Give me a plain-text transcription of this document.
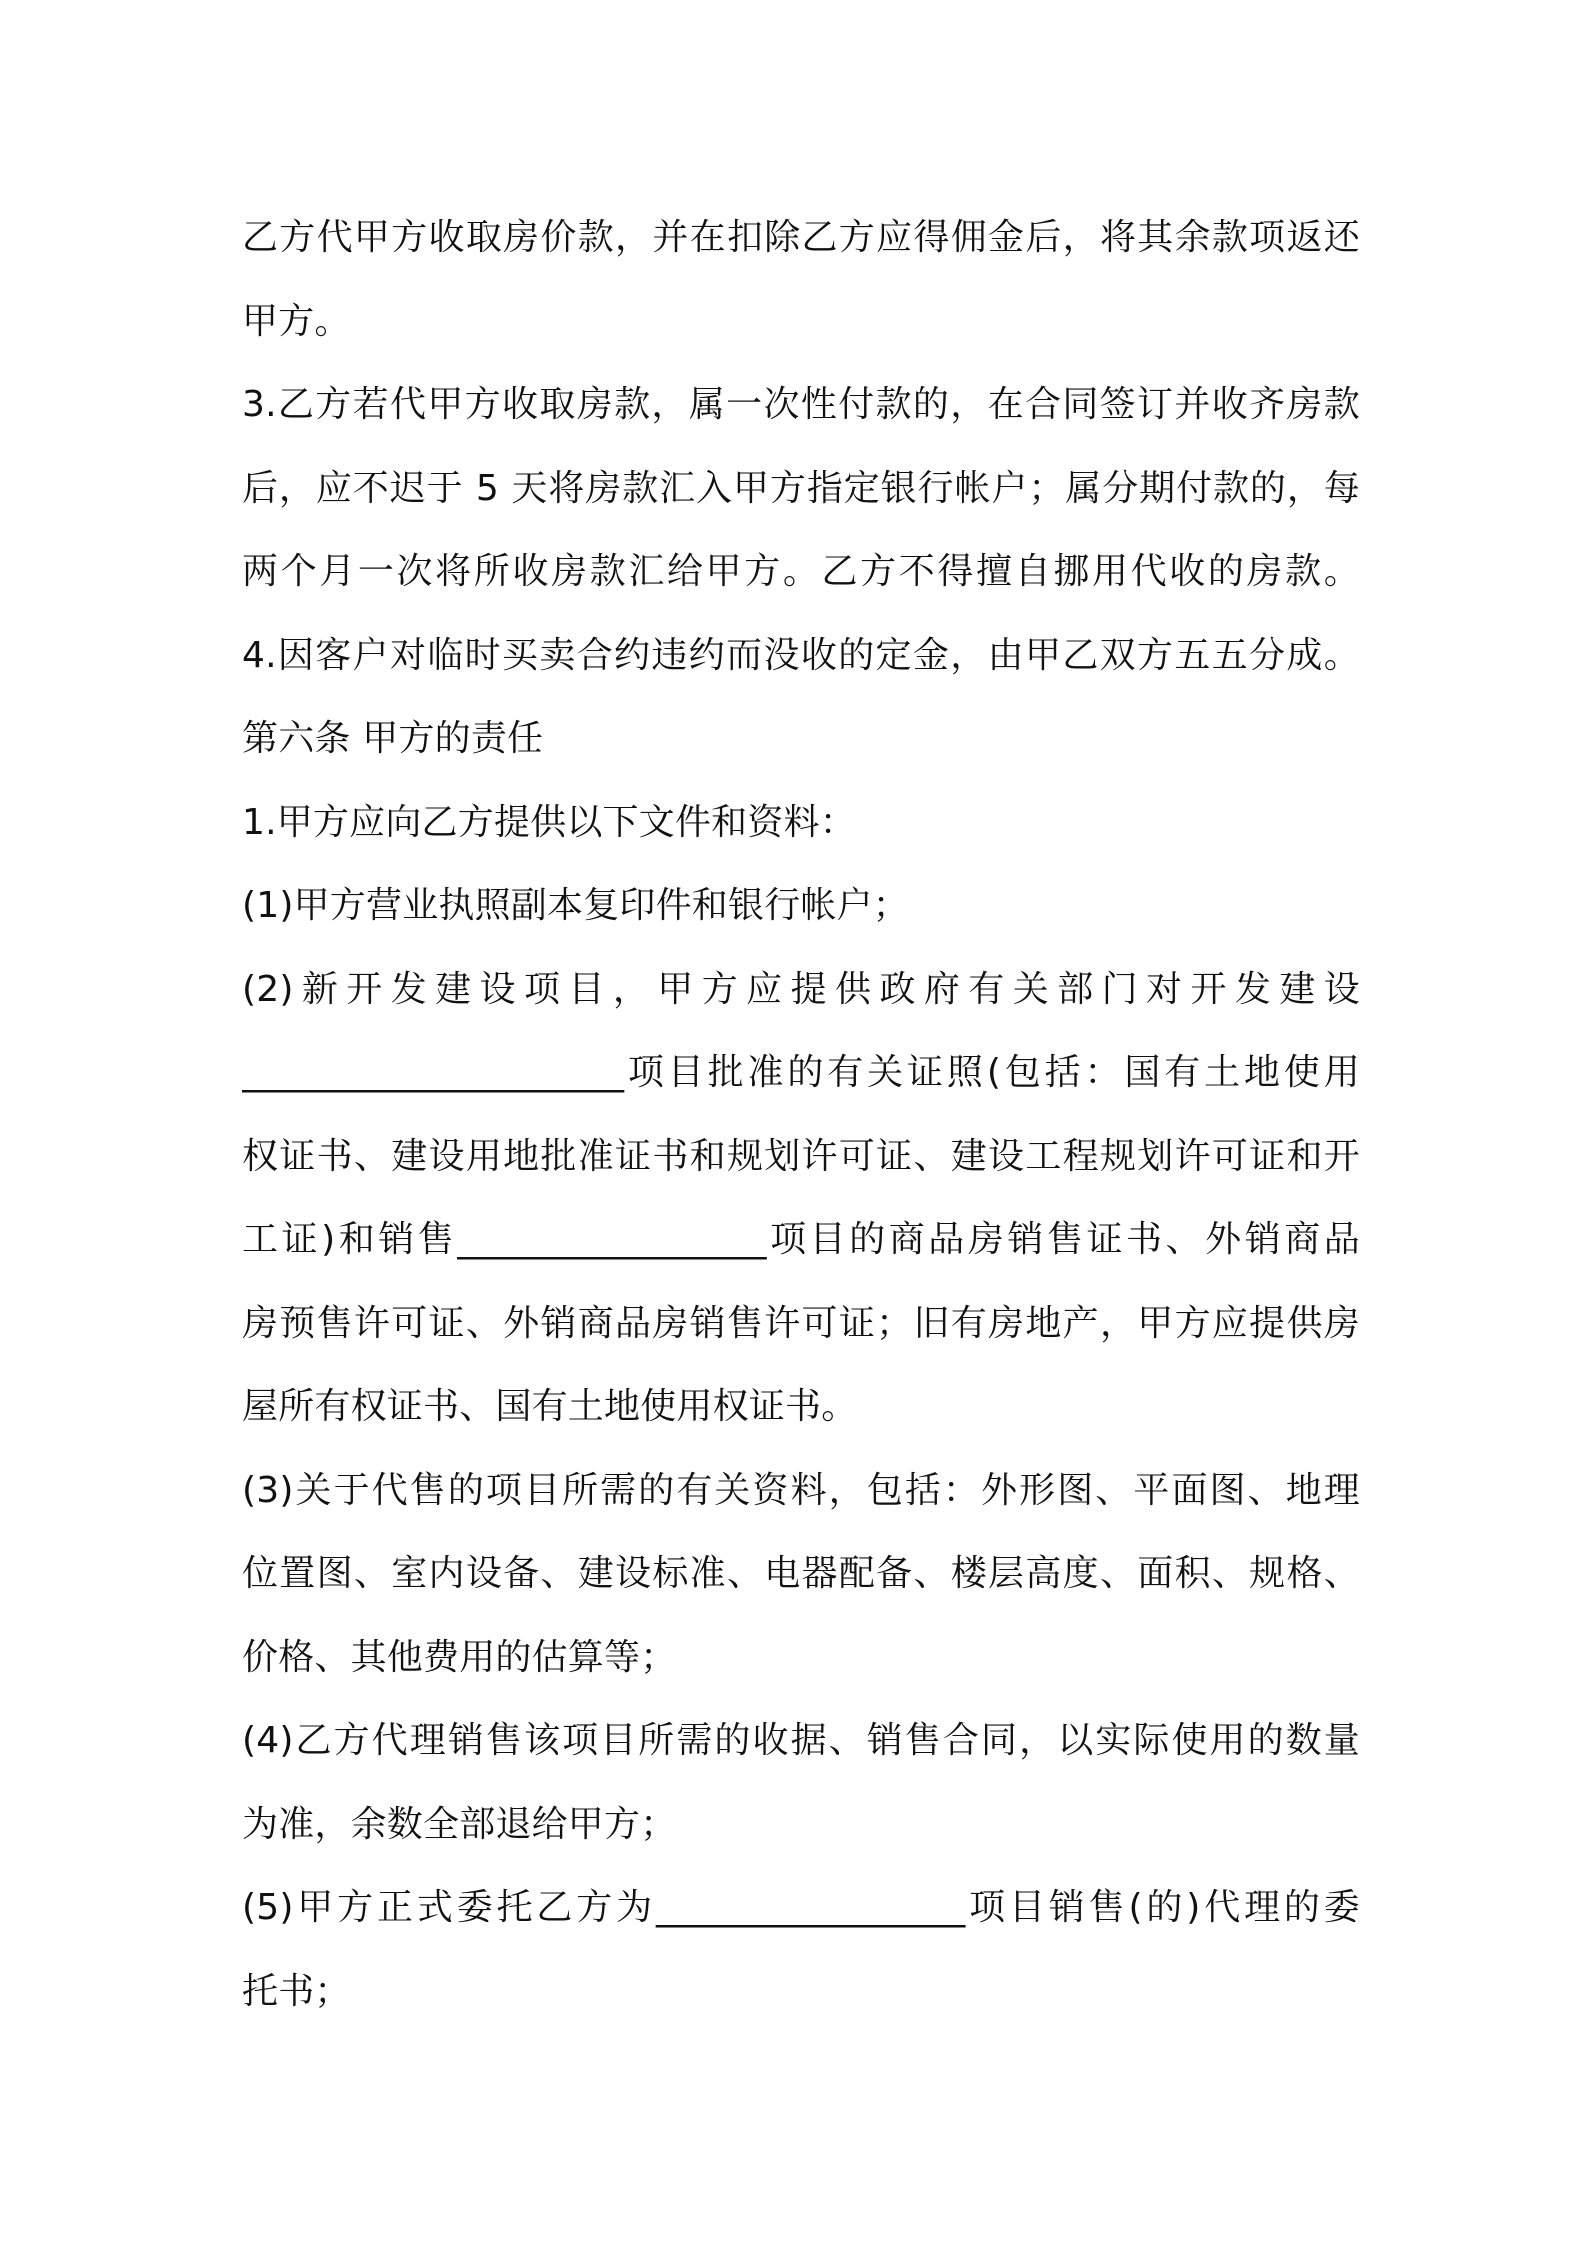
乙方代甲方收取房价款，并在扣除乙方应得佣金后，将其余款项返还
甲方。
3.乙方若代甲方收取房款，属一次性付款的，在合同签订并收齐房款
后，应不迟于 5 天将房款汇入甲方指定银行帐户；属分期付款的，每
两个月一次将所收房款汇给甲方。乙方不得擅自挪用代收的房款。
4.因客户对临时买卖合约违约而没收的定金，由甲乙双方五五分成。
第六条 甲方的责任
1.甲方应向乙方提供以下文件和资料：
(1)甲方营业执照副本复印件和银行帐户；
(2)新开发建设项目，甲方应提供政府有关部门对开发建设
_____________________项目批准的有关证照(包括：国有土地使用
权证书、建设用地批准证书和规划许可证、建设工程规划许可证和开
工证)和销售_________________项目的商品房销售证书、外销商品
房预售许可证、外销商品房销售许可证；旧有房地产，甲方应提供房
屋所有权证书、国有土地使用权证书。
(3)关于代售的项目所需的有关资料，包括：外形图、平面图、地理
位置图、室内设备、建设标准、电器配备、楼层高度、面积、规格、
价格、其他费用的估算等；
(4)乙方代理销售该项目所需的收据、销售合同，以实际使用的数量
为准，余数全部退给甲方；
(5)甲方正式委托乙方为_________________项目销售(的)代理的委
托书；
